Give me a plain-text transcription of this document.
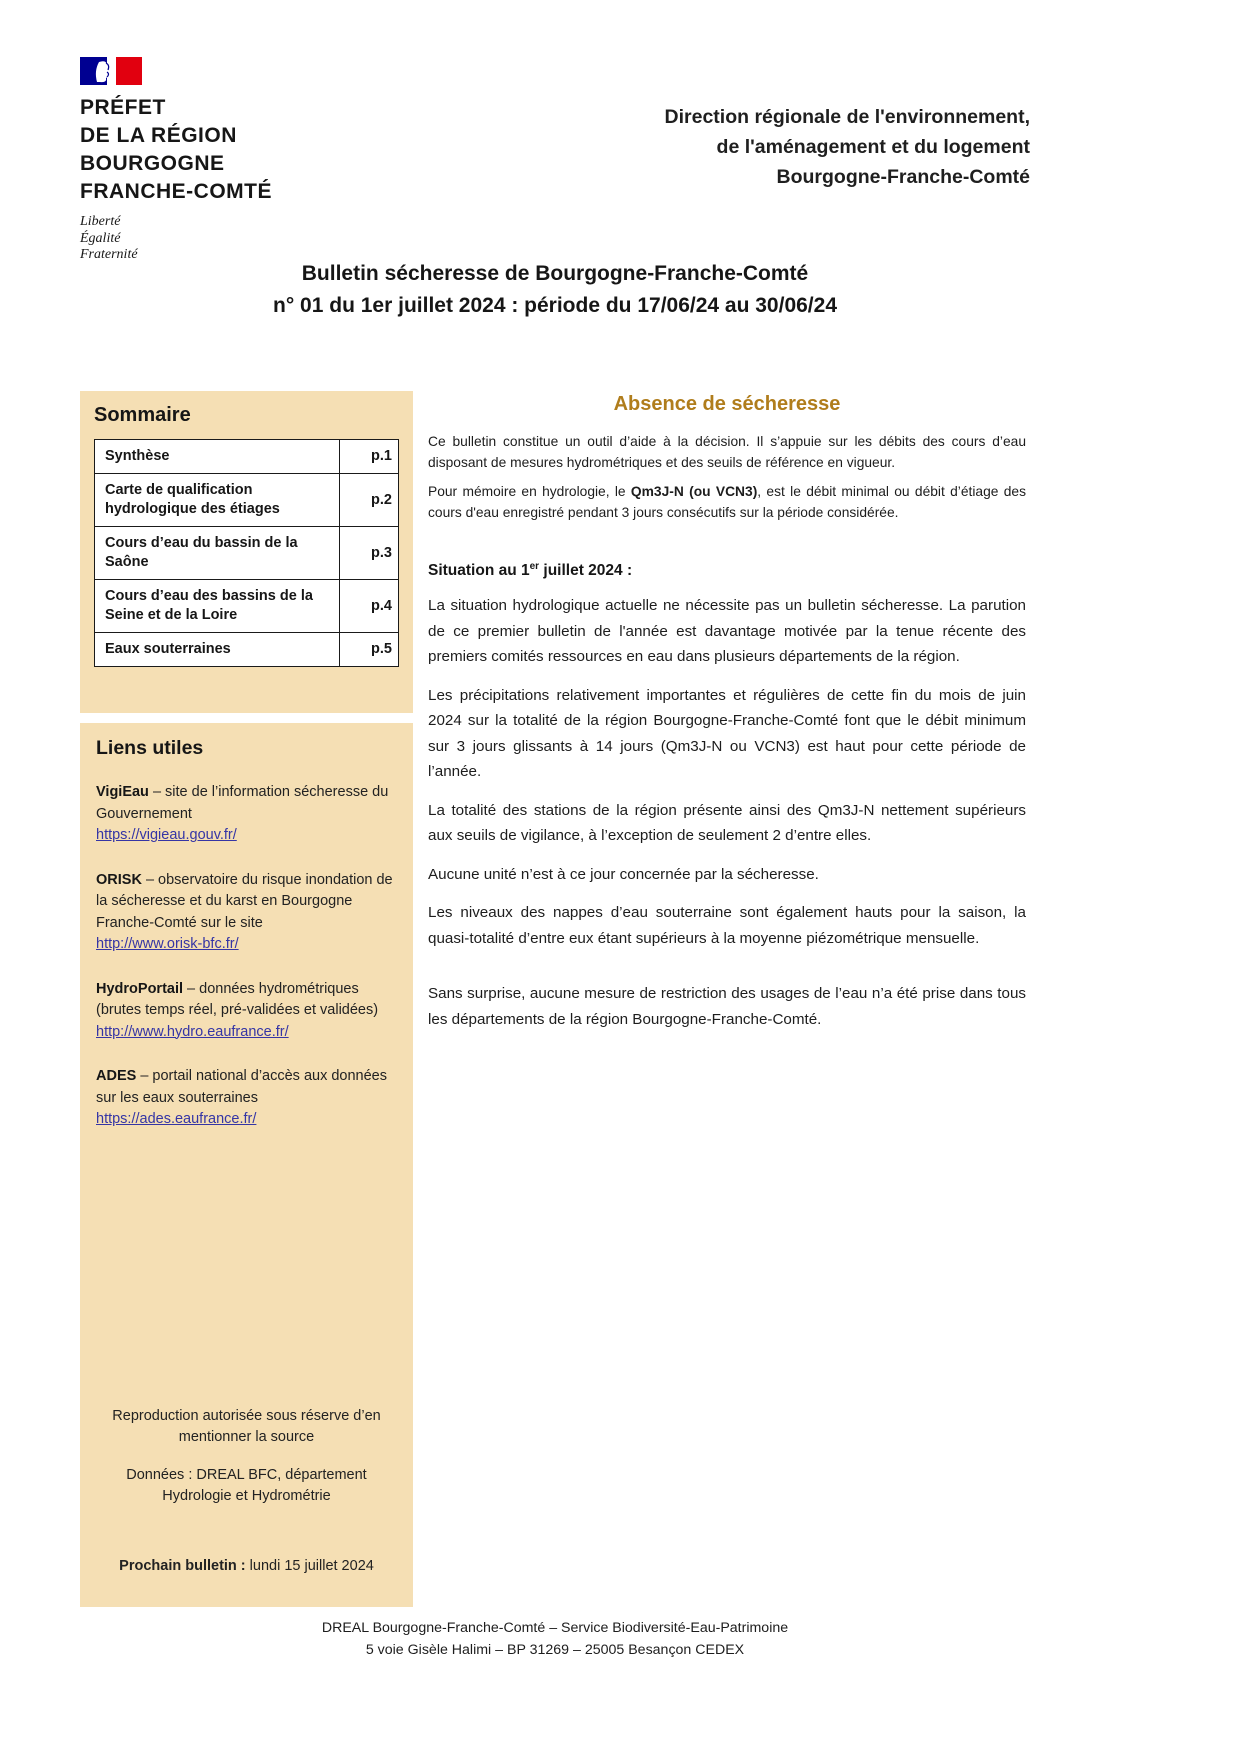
PRÉFET
DE LA RÉGION
BOURGOGNE
FRANCHE-COMTÉ
Liberté
Égalité
Fraternité
Direction régionale de l'environnement,
de l'aménagement et du logement
Bourgogne-Franche-Comté
Bulletin sécheresse de Bourgogne-Franche-Comté
n° 01 du 1er juillet 2024 : période du 17/06/24 au 30/06/24
Sommaire
Synthèse	p.1
Carte de qualification hydrologique des étiages	p.2
Cours d’eau du bassin de la Saône	p.3
Cours d’eau des bassins de la Seine et de la Loire	p.4
Eaux souterraines	p.5
Liens utiles
VigiEau – site de l’information sécheresse du Gouvernement
https://vigieau.gouv.fr/
ORISK – observatoire du risque inondation de la sécheresse et du karst en Bourgogne Franche-Comté sur le site
http://www.orisk-bfc.fr/
HydroPortail – données hydrométriques (brutes temps réel, pré-validées et validées)
http://www.hydro.eaufrance.fr/
ADES – portail national d’accès aux données sur les eaux souterraines
https://ades.eaufrance.fr/
Reproduction autorisée sous réserve d’en mentionner la source
Données : DREAL BFC, département Hydrologie et Hydrométrie
Prochain bulletin : lundi 15 juillet 2024
Absence de sécheresse

Ce bulletin constitue un outil d’aide à la décision. Il s’appuie sur les débits des cours d’eau disposant de mesures hydrométriques et des seuils de référence en vigueur.

Pour mémoire en hydrologie, le Qm3J-N (ou VCN3), est le débit minimal ou débit d’étiage des cours d'eau enregistré pendant 3 jours consécutifs sur la période considérée.

Situation au 1er juillet 2024 :

La situation hydrologique actuelle ne nécessite pas un bulletin sécheresse. La parution de ce premier bulletin de l'année est davantage motivée par la tenue récente des premiers comités ressources en eau dans plusieurs départements de la région.

Les précipitations relativement importantes et régulières de cette fin du mois de juin 2024 sur la totalité de la région Bourgogne-Franche-Comté font que le débit minimum sur 3 jours glissants à 14 jours (Qm3J-N ou VCN3) est haut pour cette période de l’année.

La totalité des stations de la région présente ainsi des Qm3J-N nettement supérieurs aux seuils de vigilance, à l’exception de seulement 2 d’entre elles.

Aucune unité n’est à ce jour concernée par la sécheresse.

Les niveaux des nappes d’eau souterraine sont également hauts pour la saison, la quasi-totalité d’entre eux étant supérieurs à la moyenne piézométrique mensuelle.

Sans surprise, aucune mesure de restriction des usages de l’eau n’a été prise dans tous les départements de la région Bourgogne-Franche-Comté.

DREAL Bourgogne-Franche-Comté – Service Biodiversité-Eau-Patrimoine
5 voie Gisèle Halimi – BP 31269 – 25005 Besançon CEDEX
